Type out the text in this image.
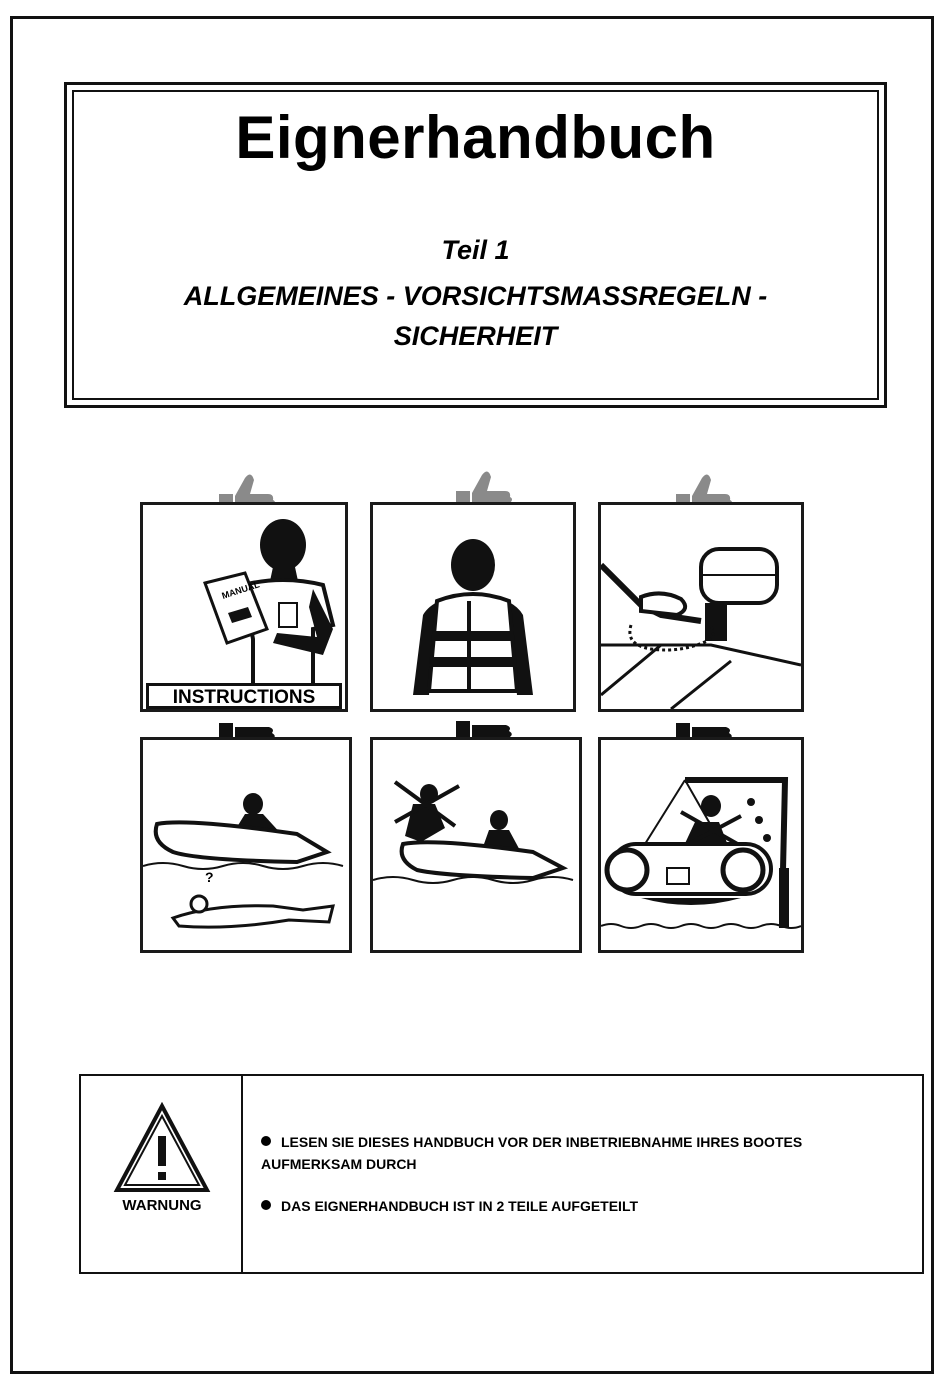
Eignerhandbuch
Teil 1
ALLGEMEINES - VORSICHTSMASSREGELN -
SICHERHEIT
MANUAL
INSTRUCTIONS
?
WARNUNG
LESEN SIE DIESES HANDBUCH VOR DER INBETRIEBNAHME IHRES BOOTES
AUFMERKSAM DURCH
DAS EIGNERHANDBUCH IST IN 2 TEILE AUFGETEILT
